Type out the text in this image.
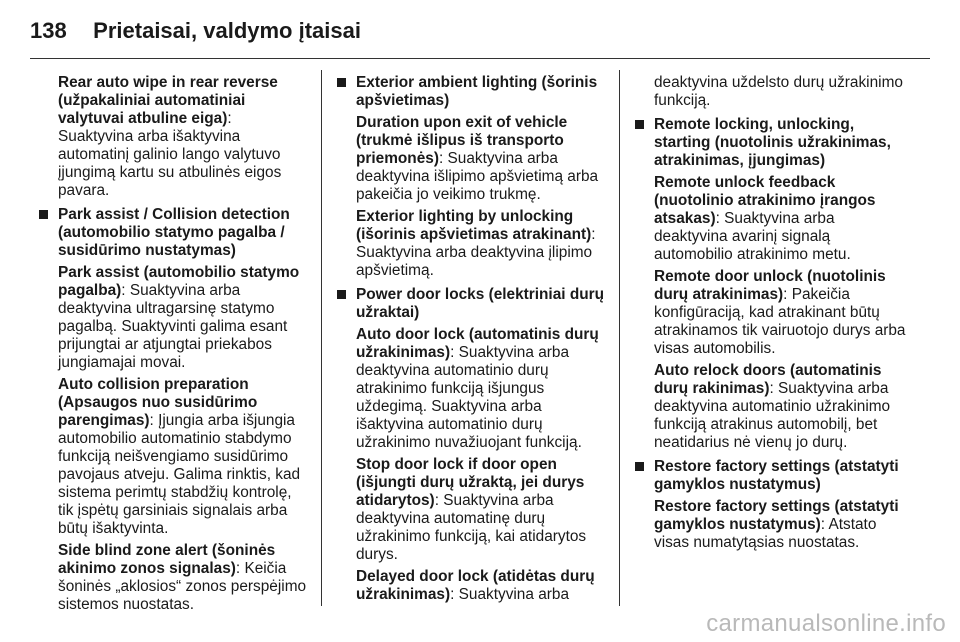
138 Prietaisai, valdymo įtaisai

Rear auto wipe in rear reverse (užpakaliniai automatiniai valytuvai atbuline eiga): Suaktyvina arba išaktyvina automatinį galinio lango valytuvo įjungimą kartu su atbulinės eigos pavara.

Park assist / Collision detection (automobilio statymo pagalba / susidūrimo nustatymas)

Park assist (automobilio statymo pagalba): Suaktyvina arba deaktyvina ultragarsinę statymo pagalbą. Suaktyvinti galima esant prijungtai ar atjungtai priekabos jungiamajai movai.

Auto collision preparation (Apsaugos nuo susidūrimo parengimas): Įjungia arba išjungia automobilio automatinio stabdymo funkciją neišvengiamo susidūrimo pavojaus atveju. Galima rinktis, kad sistema perimtų stabdžių kontrolę, tik įspėtų garsiniais signalais arba būtų išaktyvinta.

Side blind zone alert (šoninės akinimo zonos signalas): Keičia šoninės „aklosios“ zonos perspėjimo sistemos nuostatas.

Exterior ambient lighting (šorinis apšvietimas)

Duration upon exit of vehicle (trukmė išlipus iš transporto priemonės): Suaktyvina arba deaktyvina išlipimo apšvietimą arba pakeičia jo veikimo trukmę.

Exterior lighting by unlocking (išorinis apšvietimas atrakinant): Suaktyvina arba deaktyvina įlipimo apšvietimą.

Power door locks (elektriniai durų užraktai)

Auto door lock (automatinis durų užrakinimas): Suaktyvina arba deaktyvina automatinio durų atrakinimo funkciją išjungus uždegimą. Suaktyvina arba išaktyvina automatinio durų užrakinimo nuvažiuojant funkciją.

Stop door lock if door open (išjungti durų užraktą, jei durys atidarytos): Suaktyvina arba deaktyvina automatinę durų užrakinimo funkciją, kai atidarytos durys.

Delayed door lock (atidėtas durų užrakinimas): Suaktyvina arba

deaktyvina uždelsto durų užrakinimo funkciją.

Remote locking, unlocking, starting (nuotolinis užrakinimas, atrakinimas, įjungimas)

Remote unlock feedback (nuotolinio atrakinimo įrangos atsakas): Suaktyvina arba deaktyvina avarinį signalą automobilio atrakinimo metu.

Remote door unlock (nuotolinis durų atrakinimas): Pakeičia konfigūraciją, kad atrakinant būtų atrakinamos tik vairuotojo durys arba visas automobilis.

Auto relock doors (automatinis durų rakinimas): Suaktyvina arba deaktyvina automatinio užrakinimo funkciją atrakinus automobilį, bet neatidarius nė vienų jo durų.

Restore factory settings (atstatyti gamyklos nustatymus)

Restore factory settings (atstatyti gamyklos nustatymus): Atstato visas numatytąsias nuostatas.

carmanualsonline.info
